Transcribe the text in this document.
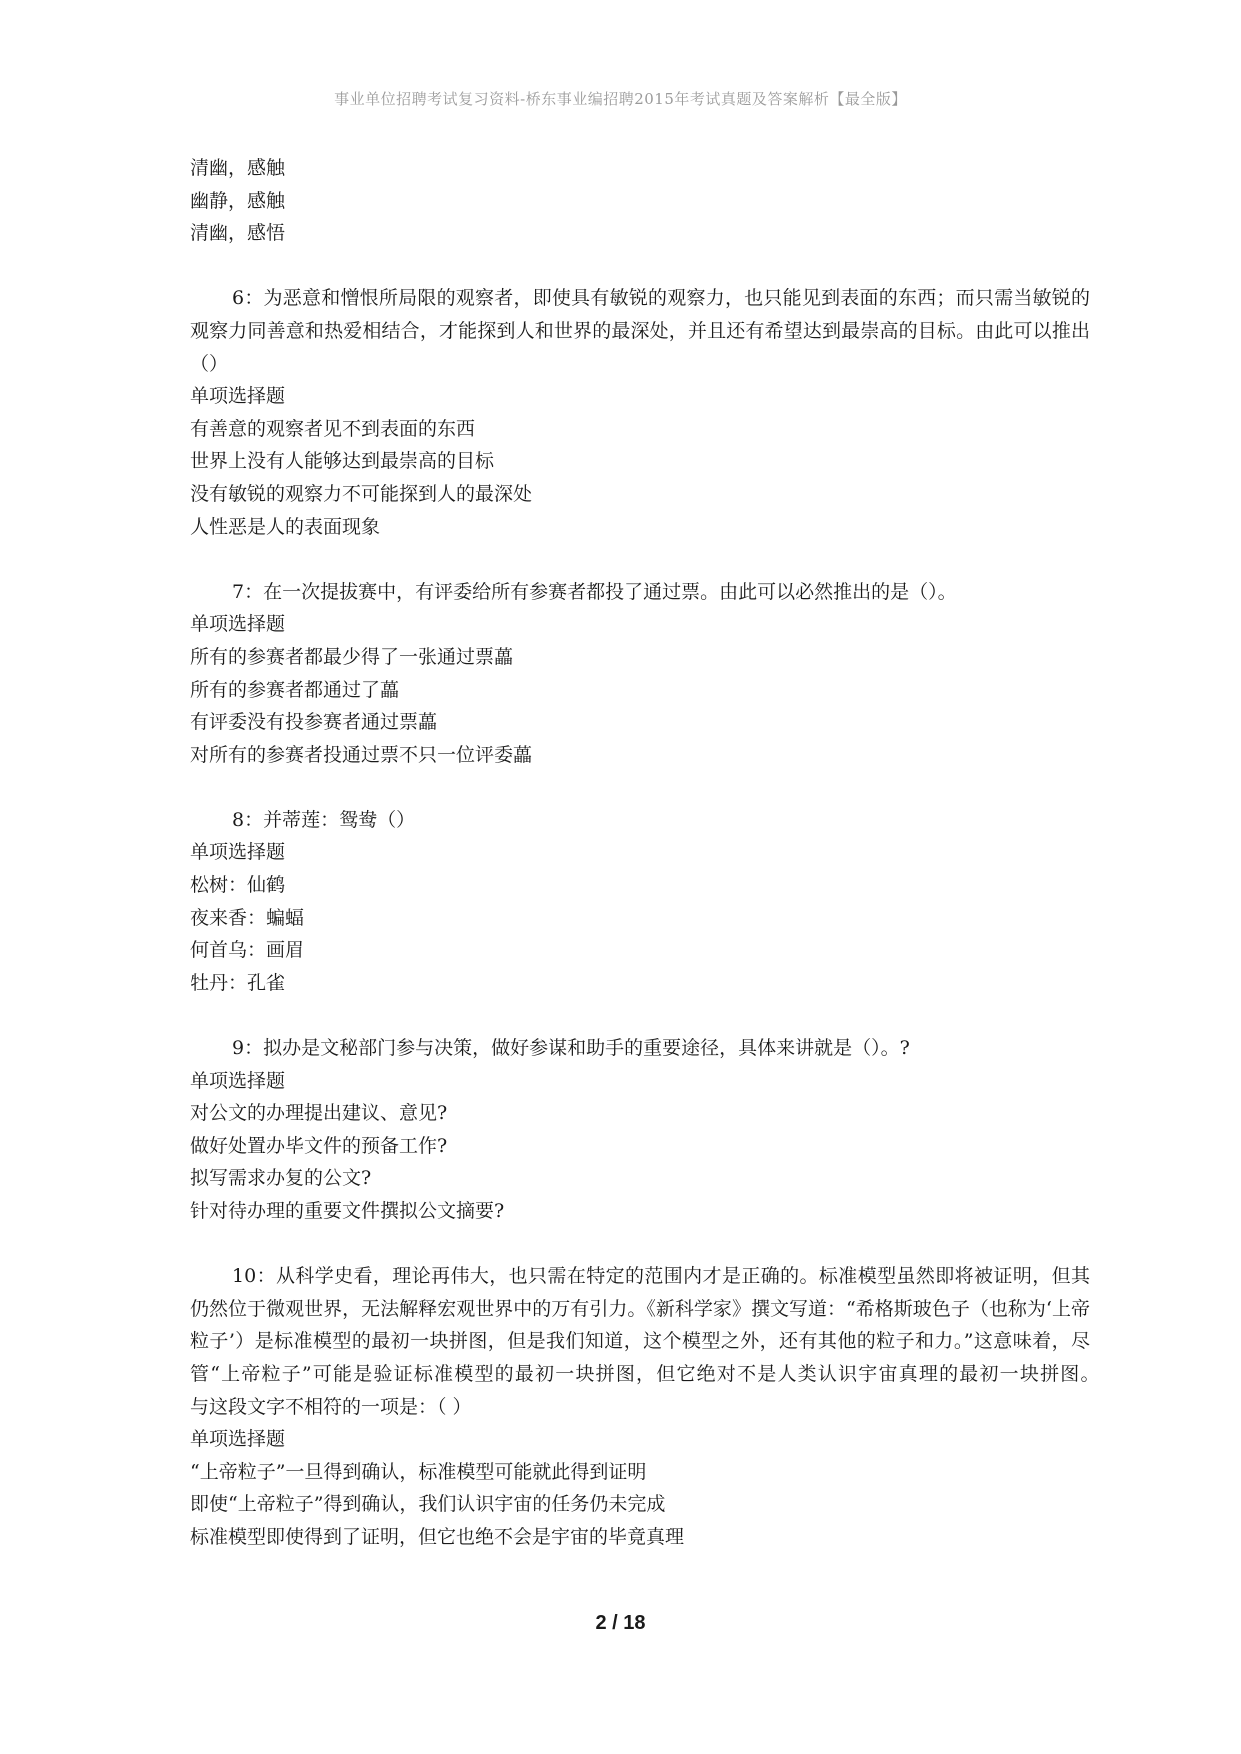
事业单位招聘考试复习资料-桥东事业编招聘2015年考试真题及答案解析【最全版】
清幽，感触
幽静，感触
清幽，感悟
6：为恶意和憎恨所局限的观察者，即使具有敏锐的观察力，也只能见到表面的东西；而只需当敏锐的观察力同善意和热爱相结合，才能探到人和世界的最深处，并且还有希望达到最崇高的目标。由此可以推出（）
单项选择题
有善意的观察者见不到表面的东西
世界上没有人能够达到最崇高的目标
没有敏锐的观察力不可能探到人的最深处
人性恶是人的表面现象
7：在一次提拔赛中，有评委给所有参赛者都投了通过票。由此可以必然推出的是（）。
单项选择题
所有的参赛者都最少得了一张通过票藟
所有的参赛者都通过了藟
有评委没有投参赛者通过票藟
对所有的参赛者投通过票不只一位评委藟
8：并蒂莲：鸳鸯（）
单项选择题
松树：仙鹤
夜来香：蝙蝠
何首乌：画眉
牡丹：孔雀
9：拟办是文秘部门参与决策，做好参谋和助手的重要途径，具体来讲就是（）。?
单项选择题
对公文的办理提出建议、意见?
做好处置办毕文件的预备工作?
拟写需求办复的公文?
针对待办理的重要文件撰拟公文摘要?
10：从科学史看，理论再伟大，也只需在特定的范围内才是正确的。标准模型虽然即将被证明，但其仍然位于微观世界，无法解释宏观世界中的万有引力。《新科学家》撰文写道：“希格斯玻色子（也称为‘上帝粒子’）是标准模型的最初一块拼图，但是我们知道，这个模型之外，还有其他的粒子和力。”这意味着，尽管“上帝粒子”可能是验证标准模型的最初一块拼图，但它绝对不是人类认识宇宙真理的最初一块拼图。　　与这段文字不相符的一项是：（ ）
单项选择题
“上帝粒子”一旦得到确认，标准模型可能就此得到证明
即使“上帝粒子”得到确认，我们认识宇宙的任务仍未完成
标准模型即使得到了证明，但它也绝不会是宇宙的毕竟真理
2 / 18
